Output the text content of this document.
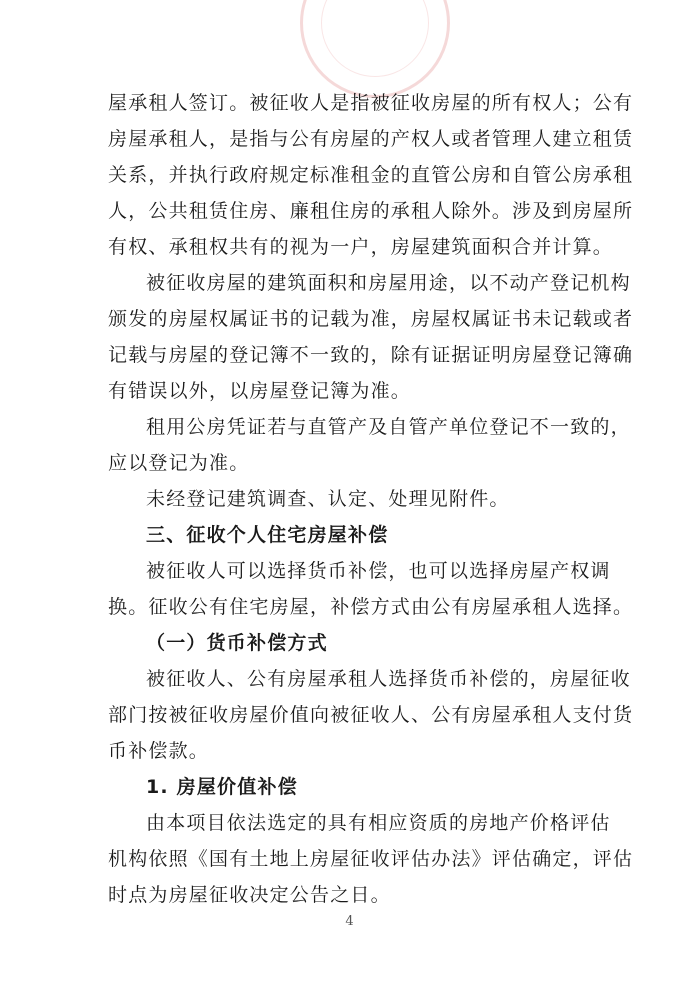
屋承租人签订。被征收人是指被征收房屋的所有权人；公有
房屋承租人，是指与公有房屋的产权人或者管理人建立租赁
关系，并执行政府规定标准租金的直管公房和自管公房承租
人，公共租赁住房、廉租住房的承租人除外。涉及到房屋所
有权、承租权共有的视为一户，房屋建筑面积合并计算。
被征收房屋的建筑面积和房屋用途，以不动产登记机构
颁发的房屋权属证书的记载为准，房屋权属证书未记载或者
记载与房屋的登记簿不一致的，除有证据证明房屋登记簿确
有错误以外，以房屋登记簿为准。
租用公房凭证若与直管产及自管产单位登记不一致的，
应以登记为准。
未经登记建筑调查、认定、处理见附件。
三、征收个人住宅房屋补偿
被征收人可以选择货币补偿，也可以选择房屋产权调
换。征收公有住宅房屋，补偿方式由公有房屋承租人选择。
（一）货币补偿方式
被征收人、公有房屋承租人选择货币补偿的，房屋征收
部门按被征收房屋价值向被征收人、公有房屋承租人支付货
币补偿款。
1. 房屋价值补偿
由本项目依法选定的具有相应资质的房地产价格评估
机构依照《国有土地上房屋征收评估办法》评估确定，评估
时点为房屋征收决定公告之日。
4
